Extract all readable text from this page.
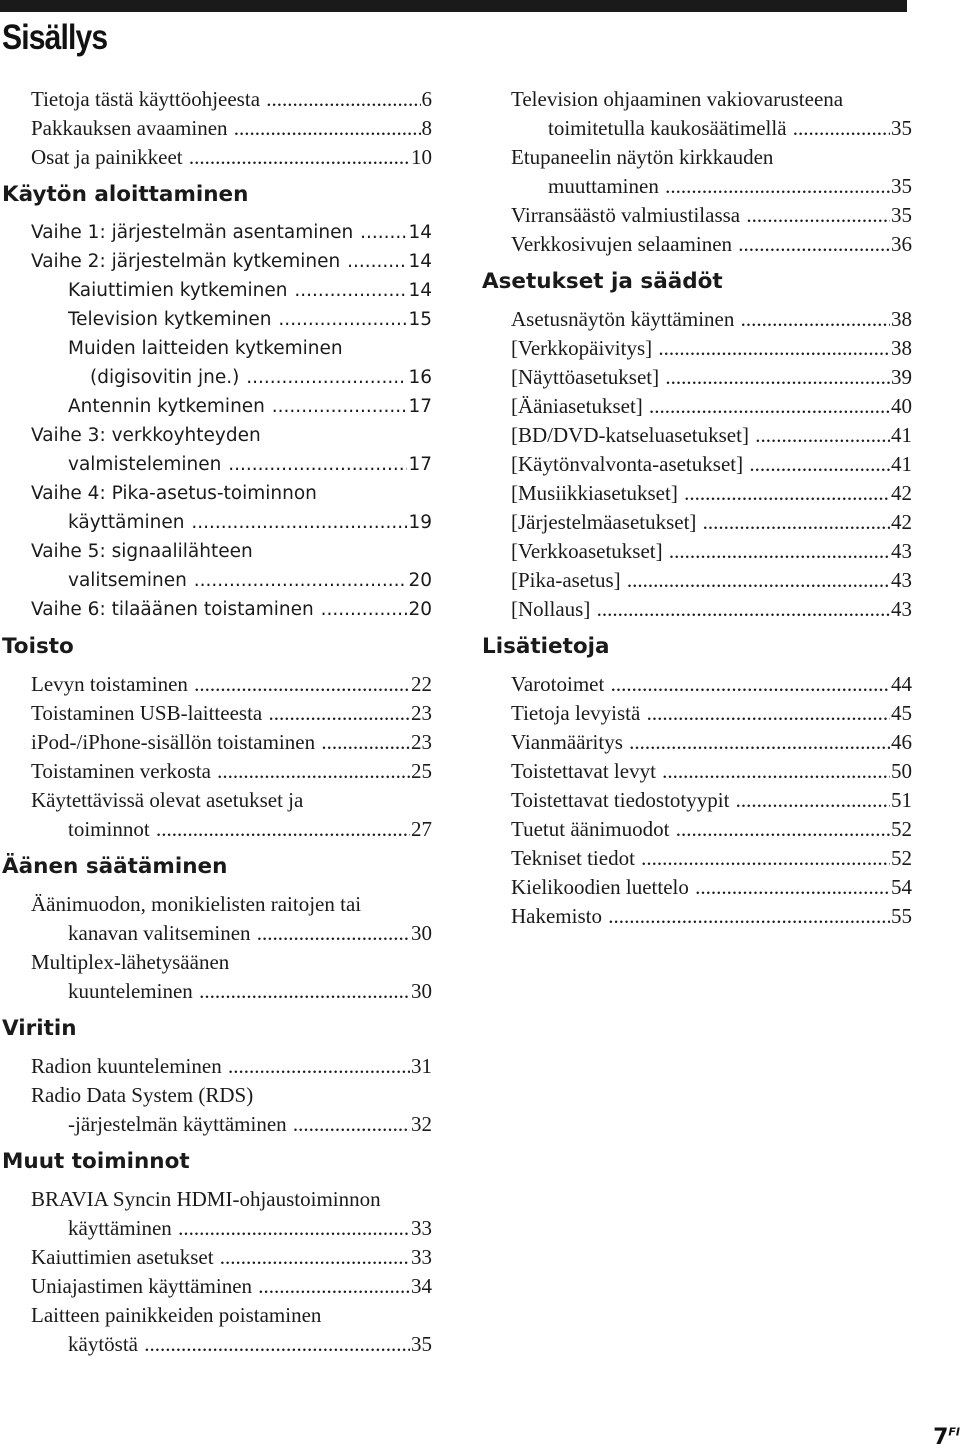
Sisällys
Tietoja tästä käyttöohjeesta .....	6
Pakkauksen avaaminen .....	8
Osat ja painikkeet .....	10
Käytön aloittaminen
Vaihe 1: järjestelmän asentaminen .....	14
Vaihe 2: järjestelmän kytkeminen .....	14
Kaiuttimien kytkeminen .....	14
Television kytkeminen .....	15
Muiden laitteiden kytkeminen
(digisovitin jne.) .....	16
Antennin kytkeminen .....	17
Vaihe 3: verkkoyhteyden
valmisteleminen .....	17
Vaihe 4: Pika-asetus-toiminnon
käyttäminen .....	19
Vaihe 5: signaalilähteen
valitseminen .....	20
Vaihe 6: tilaäänen toistaminen .....	20
Toisto
Levyn toistaminen .....	22
Toistaminen USB-laitteesta .....	23
iPod-/iPhone-sisällön toistaminen .....	23
Toistaminen verkosta .....	25
Käytettävissä olevat asetukset ja
toiminnot .....	27
Äänen säätäminen
Äänimuodon, monikielisten raitojen tai
kanavan valitseminen .....	30
Multiplex-lähetysäänen
kuunteleminen .....	30
Viritin
Radion kuunteleminen .....	31
Radio Data System (RDS)
-järjestelmän käyttäminen .....	32
Muut toiminnot
BRAVIA Syncin HDMI-ohjaustoiminnon
käyttäminen .....	33
Kaiuttimien asetukset .....	33
Uniajastimen käyttäminen .....	34
Laitteen painikkeiden poistaminen
käytöstä .....	35
Television ohjaaminen vakiovarusteena
toimitetulla kaukosäätimellä .....	35
Etupaneelin näytön kirkkauden
muuttaminen .....	35
Virransäästö valmiustilassa .....	35
Verkkosivujen selaaminen .....	36
Asetukset ja säädöt
Asetusnäytön käyttäminen .....	38
[Verkkopäivitys] .....	38
[Näyttöasetukset] .....	39
[Ääniasetukset] .....	40
[BD/DVD-katseluasetukset] .....	41
[Käytönvalvonta-asetukset] .....	41
[Musiikkiasetukset] .....	42
[Järjestelmäasetukset] .....	42
[Verkkoasetukset] .....	43
[Pika-asetus] .....	43
[Nollaus] .....	43
Lisätietoja
Varotoimet .....	44
Tietoja levyistä .....	45
Vianmääritys .....	46
Toistettavat levyt .....	50
Toistettavat tiedostotyypit .....	51
Tuetut äänimuodot .....	52
Tekniset tiedot .....	52
Kielikoodien luettelo .....	54
Hakemisto .....	55
$7^{FI}$
